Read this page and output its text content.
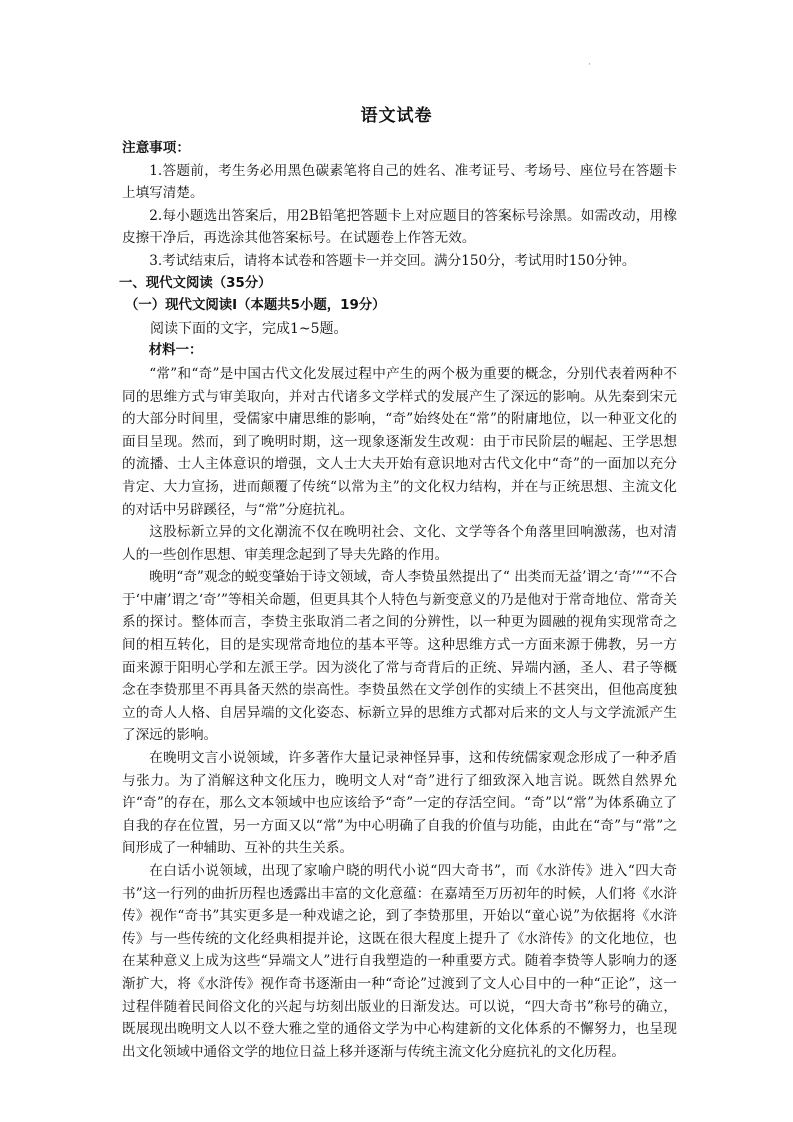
·
语文试卷

注意事项：

1.答题前，考生务必用黑色碳素笔将自己的姓名、准考证号、考场号、座位号在答题卡上填写清楚。

2.每小题选出答案后，用2B铅笔把答题卡上对应题目的答案标号涂黑。如需改动，用橡皮擦干净后，再选涂其他答案标号。在试题卷上作答无效。

3.考试结束后，请将本试卷和答题卡一并交回。满分150分，考试用时150分钟。

一、现代文阅读（35分）

（一）现代文阅读Ⅰ（本题共5小题，19分）

阅读下面的文字，完成1~5题。

材料一：

“常”和“奇”是中国古代文化发展过程中产生的两个极为重要的概念，分别代表着两种不同的思维方式与审美取向，并对古代诸多文学样式的发展产生了深远的影响。从先秦到宋元的大部分时间里，受儒家中庸思维的影响，“奇”始终处在“常”的附庸地位，以一种亚文化的面目呈现。然而，到了晚明时期，这一现象逐渐发生改观：由于市民阶层的崛起、王学思想的流播、士人主体意识的增强，文人士大夫开始有意识地对古代文化中“奇”的一面加以充分肯定、大力宣扬，进而颠覆了传统“以常为主”的文化权力结构，并在与正统思想、主流文化的对话中另辟蹊径，与“常”分庭抗礼。

这股标新立异的文化潮流不仅在晚明社会、文化、文学等各个角落里回响激荡，也对清人的一些创作思想、审美理念起到了导夫先路的作用。

晚明“奇”观念的蜕变肇始于诗文领域，奇人李贽虽然提出了“ 出类而无益’谓之‘奇’”“不合于‘中庸’谓之‘奇’”等相关命题，但更具其个人特色与新变意义的乃是他对于常奇地位、常奇关系的探讨。整体而言，李贽主张取消二者之间的分辨性，以一种更为圆融的视角实现常奇之间的相互转化，目的是实现常奇地位的基本平等。这种思维方式一方面来源于佛教，另一方面来源于阳明心学和左派王学。因为淡化了常与奇背后的正统、异端内涵，圣人、君子等概念在李贽那里不再具备天然的崇高性。李贽虽然在文学创作的实绩上不甚突出，但他高度独立的奇人人格、自居异端的文化姿态、标新立异的思维方式都对后来的文人与文学流派产生了深远的影响。

在晚明文言小说领域，许多著作大量记录神怪异事，这和传统儒家观念形成了一种矛盾与张力。为了消解这种文化压力，晚明文人对“奇”进行了细致深入地言说。既然自然界允许“奇”的存在，那么文本领域中也应该给予“奇”一定的存活空间。“奇”以“常”为体系确立了自我的存在位置，另一方面又以“常”为中心明确了自我的价值与功能，由此在“奇”与“常”之间形成了一种辅助、互补的共生关系。

在白话小说领域，出现了家喻户晓的明代小说“四大奇书”，而《水浒传》进入“四大奇书”这一行列的曲折历程也透露出丰富的文化意蕴：在嘉靖至万历初年的时候，人们将《水浒传》视作“奇书”其实更多是一种戏谑之论，到了李贽那里，开始以“童心说”为依据将《水浒传》与一些传统的文化经典相提并论，这既在很大程度上提升了《水浒传》的文化地位，也在某种意义上成为这些“异端文人”进行自我塑造的一种重要方式。随着李贽等人影响力的逐渐扩大，将《水浒传》视作奇书逐渐由一种“奇论”过渡到了文人心目中的一种“正论”，这一过程伴随着民间俗文化的兴起与坊刻出版业的日渐发达。可以说，“四大奇书”称号的确立，既展现出晚明文人以不登大雅之堂的通俗文学为中心构建新的文化体系的不懈努力，也呈现出文化领域中通俗文学的地位日益上移并逐渐与传统主流文化分庭抗礼的文化历程。
